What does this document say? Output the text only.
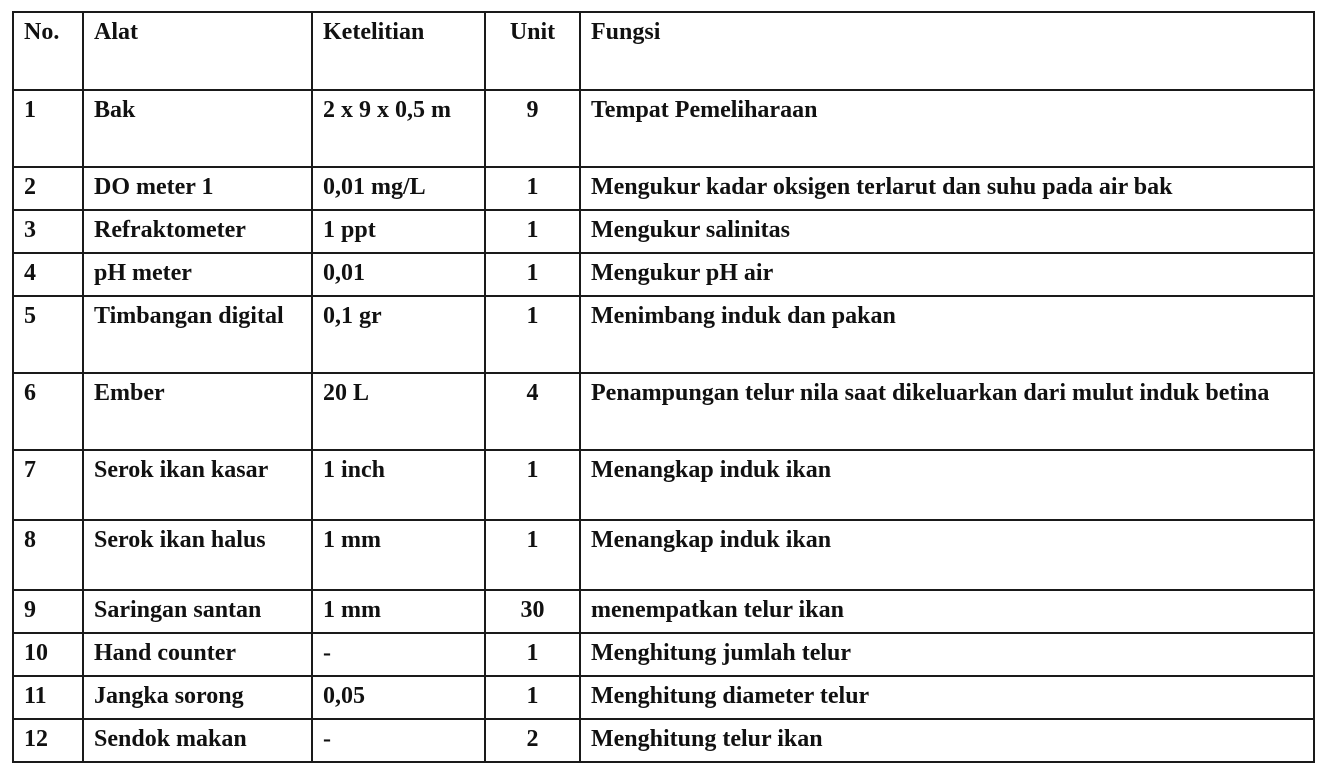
No.	Alat	Ketelitian	Unit	Fungsi
1	Bak	2 x 9 x 0,5 m	9	Tempat Pemeliharaan
2	DO meter 1	0,01 mg/L	1	Mengukur kadar oksigen terlarut dan suhu pada air bak
3	Refraktometer	1 ppt	1	Mengukur salinitas
4	pH meter	0,01	1	Mengukur pH air
5	Timbangan digital	0,1 gr	1	Menimbang induk dan pakan
6	Ember	20 L	4	Penampungan telur nila saat dikeluarkan dari mulut induk betina
7	Serok ikan kasar	1 inch	1	Menangkap induk ikan
8	Serok ikan halus	1 mm	1	Menangkap induk ikan
9	Saringan santan	1 mm	30	menempatkan telur ikan
10	Hand counter	-	1	Menghitung jumlah telur
11	Jangka sorong	0,05	1	Menghitung diameter telur
12	Sendok makan	-	2	Menghitung telur ikan
